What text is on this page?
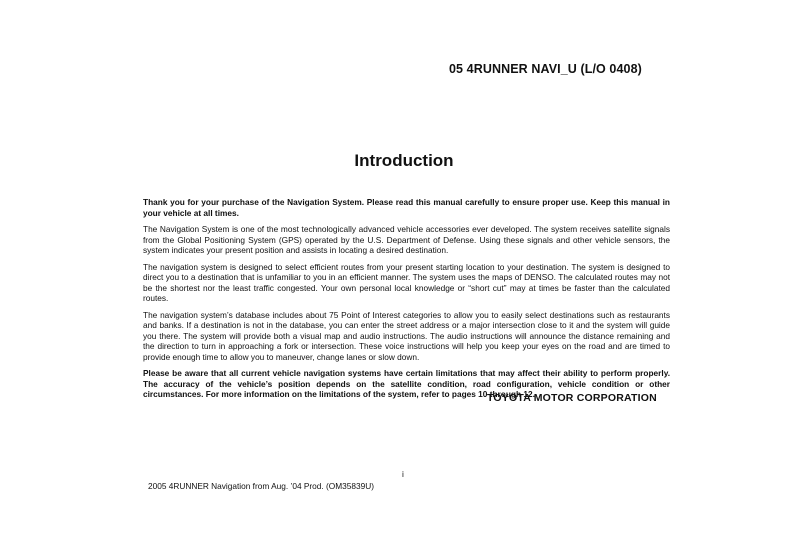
05 4RUNNER NAVI_U (L/O 0408)
Introduction

Thank you for your purchase of the Navigation System. Please read this manual carefully to ensure proper use. Keep this manual in your vehicle at all times.

The Navigation System is one of the most technologically advanced vehicle accessories ever developed. The system receives satellite signals from the Global Positioning System (GPS) operated by the U.S. Department of Defense. Using these signals and other vehicle sensors, the system indicates your present position and assists in locating a desired destination.

The navigation system is designed to select efficient routes from your present starting location to your destination. The system is designed to direct you to a destination that is unfamiliar to you in an efficient manner. The system uses the maps of DENSO. The calculated routes may not be the shortest nor the least traffic congested. Your own personal local knowledge or “short cut” may at times be faster than the calculated routes.

The navigation system’s database includes about 75 Point of Interest categories to allow you to easily select destinations such as restaurants and banks. If a destination is not in the database, you can enter the street address or a major intersection close to it and the system will guide you there. The system will provide both a visual map and audio instructions. The audio instructions will announce the distance remaining and the direction to turn in approaching a fork or intersection. These voice instructions will help you keep your eyes on the road and are timed to provide enough time to allow you to maneuver, change lanes or slow down.

Please be aware that all current vehicle navigation systems have certain limitations that may affect their ability to perform properly. The accuracy of the vehicle’s position depends on the satellite condition, road configuration, vehicle condition or other circumstances. For more information on the limitations of the system, refer to pages 10 through 12.

TOYOTA MOTOR CORPORATION
i
2005 4RUNNER Navigation from Aug. ’04 Prod. (OM35839U)
